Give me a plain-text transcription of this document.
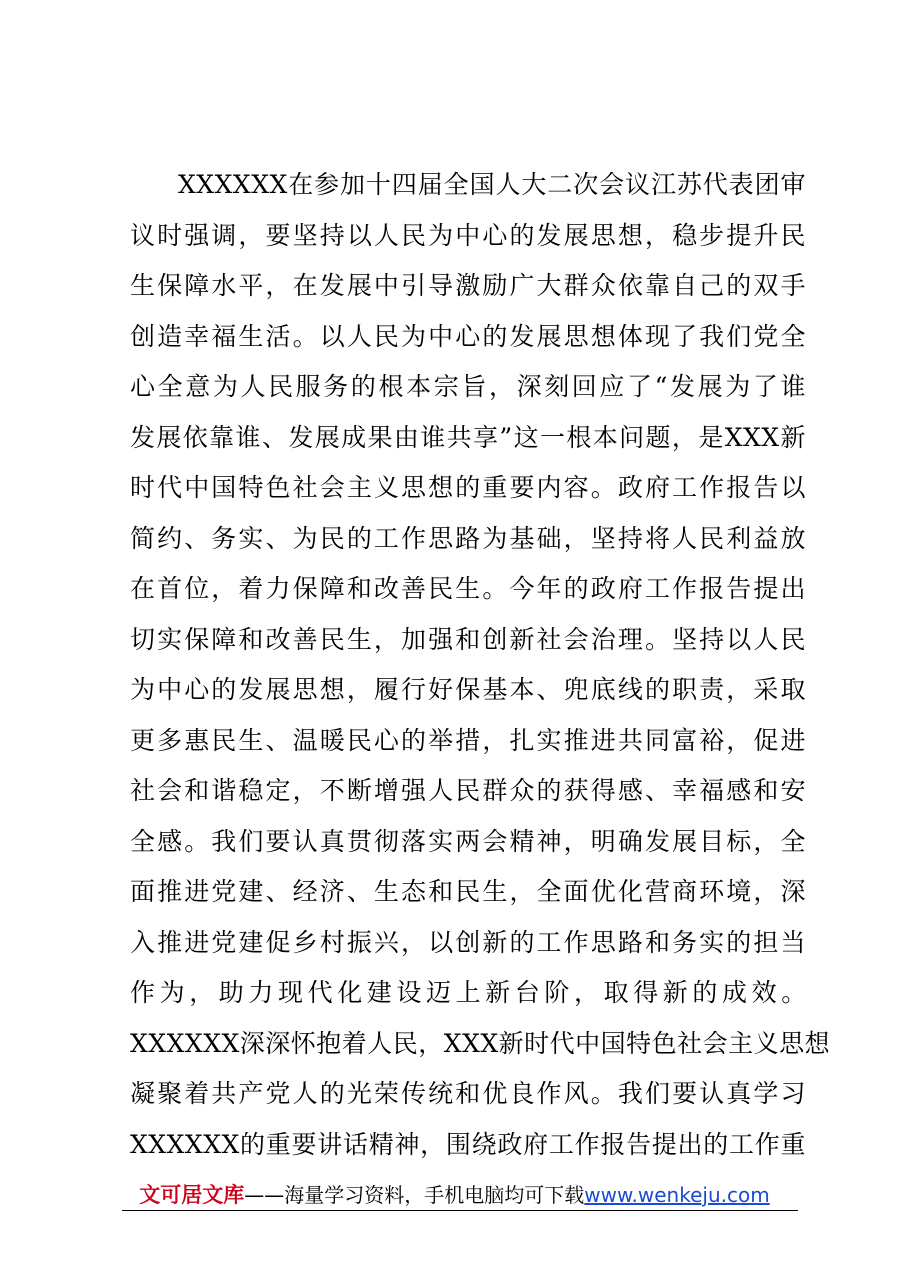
XXXXXX在参加十四届全国人大二次会议江苏代表团审
议时强调，要坚持以人民为中心的发展思想，稳步提升民
生保障水平，在发展中引导激励广大群众依靠自己的双手
创造幸福生活。以人民为中心的发展思想体现了我们党全
心全意为人民服务的根本宗旨，深刻回应了“发展为了谁
发展依靠谁、发展成果由谁共享”这一根本问题，是XXX新
时代中国特色社会主义思想的重要内容。政府工作报告以
简约、务实、为民的工作思路为基础，坚持将人民利益放
在首位，着力保障和改善民生。今年的政府工作报告提出
切实保障和改善民生，加强和创新社会治理。坚持以人民
为中心的发展思想，履行好保基本、兜底线的职责，采取
更多惠民生、温暖民心的举措，扎实推进共同富裕，促进
社会和谐稳定，不断增强人民群众的获得感、幸福感和安
全感。我们要认真贯彻落实两会精神，明确发展目标，全
面推进党建、经济、生态和民生，全面优化营商环境，深
入推进党建促乡村振兴，以创新的工作思路和务实的担当
作为，助力现代化建设迈上新台阶，取得新的成效。
XXXXXX深深怀抱着人民，XXX新时代中国特色社会主义思想
凝聚着共产党人的光荣传统和优良作风。我们要认真学习
XXXXXX的重要讲话精神，围绕政府工作报告提出的工作重
文可居文库——海量学习资料，手机电脑均可下载www.wenkeju.com
